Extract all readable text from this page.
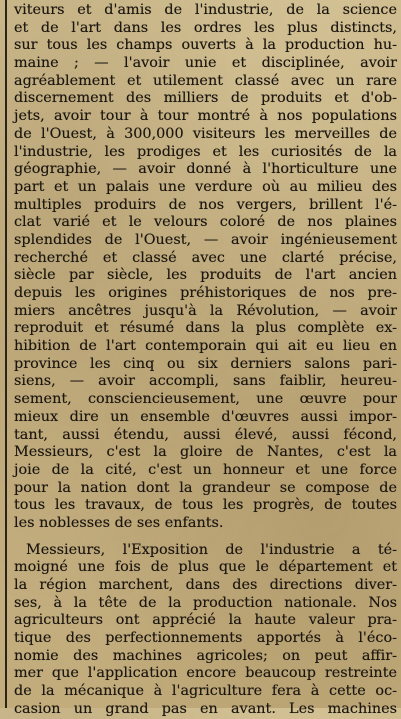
viteurs et d'amis de l'industrie, de la science
et de l'art dans les ordres les plus distincts,
sur tous les champs ouverts à la production hu-
maine ; — l'avoir unie et disciplinée, avoir
agréablement et utilement classé avec un rare
discernement des milliers de produits et d'ob-
jets, avoir tour à tour montré à nos populations
de l'Ouest, à 300,000 visiteurs les merveilles de
l'industrie, les prodiges et les curiosités de la
géographie, — avoir donné à l'horticulture une
part et un palais une verdure où au milieu des
multiples produirs de nos vergers, brillent l'é-
clat varié et le velours coloré de nos plaines
splendides de l'Ouest, — avoir ingénieusement
recherché et classé avec une clarté précise,
siècle par siècle, les produits de l'art ancien
depuis les origines préhistoriques de nos pre-
miers ancêtres jusqu'à la Révolution, — avoir
reproduit et résumé dans la plus complète ex-
hibition de l'art contemporain qui ait eu lieu en
province les cinq ou six derniers salons pari-
siens, — avoir accompli, sans faiblir, heureu-
sement, consciencieusement, une œuvre pour
mieux dire un ensemble d'œuvres aussi impor-
tant, aussi étendu, aussi élevé, aussi fécond,
Messieurs, c'est la gloire de Nantes, c'est la
joie de la cité, c'est un honneur et une force
pour la nation dont la grandeur se compose de
tous les travaux, de tous les progrès, de toutes
les noblesses de ses enfants.
Messieurs, l'Exposition de l'industrie a té-
moigné une fois de plus que le département et
la région marchent, dans des directions diver-
ses, à la tête de la production nationale. Nos
agriculteurs ont apprécié la haute valeur pra-
tique des perfectionnements apportés à l'éco-
nomie des machines agricoles; on peut affir-
mer que l'application encore beaucoup restreinte
de la mécanique à l'agriculture fera à cette oc-
casion un grand pas en avant. Les machines
